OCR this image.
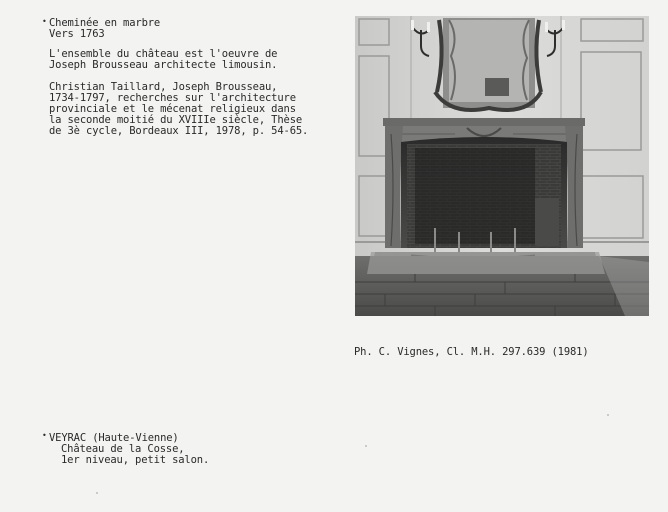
•
•
Cheminée en marbre
Vers 1763
L'ensemble du château est l'oeuvre de
Joseph Brousseau architecte limousin.
Christian Taillard, Joseph Brousseau,
1734-1797, recherches sur l'architecture
provinciale et le mécenat religieux dans
la seconde moitié du XVIIIe siècle, Thèse
de 3è cycle, Bordeaux III, 1978, p. 54-65.
Ph. C. Vignes, Cl. M.H. 297.639 (1981)
VEYRAC (Haute-Vienne)
Château de la Cosse,
1er niveau, petit salon.
